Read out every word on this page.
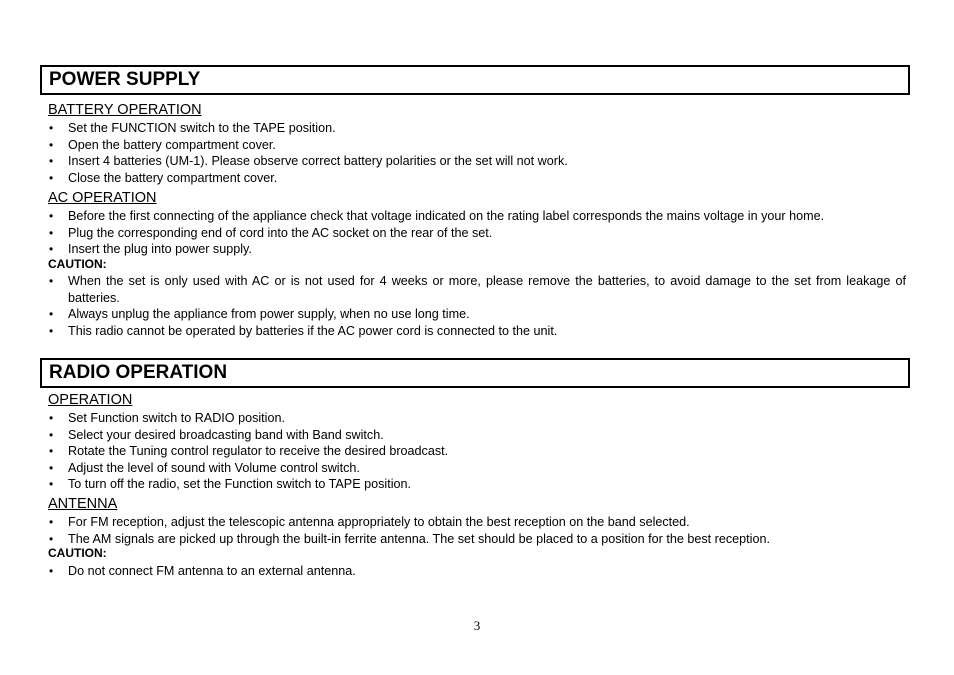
POWER SUPPLY
BATTERY OPERATION
• Set the FUNCTION switch to the TAPE position.
• Open the battery compartment cover.
• Insert 4 batteries (UM-1). Please observe correct battery polarities or the set will not work.
• Close the battery compartment cover.
AC OPERATION
• Before the first connecting of the appliance check that voltage indicated on the rating label corresponds the mains voltage in your home.
• Plug the corresponding end of cord into the AC socket on the rear of the set.
• Insert the plug into power supply.
CAUTION:
• When the set is only used with AC or is not used for 4 weeks or more, please remove the batteries, to avoid damage to the set from leakage of batteries.
• Always unplug the appliance from power supply, when no use long time.
• This radio cannot be operated by batteries if the AC power cord is connected to the unit.
RADIO OPERATION
OPERATION
• Set Function switch to RADIO position.
• Select your desired broadcasting band with Band switch.
• Rotate the Tuning control regulator to receive the desired broadcast.
• Adjust the level of sound with Volume control switch.
• To turn off the radio, set the Function switch to TAPE position.
ANTENNA
• For FM reception, adjust the telescopic antenna appropriately to obtain the best reception on the band selected.
• The AM signals are picked up through the built-in ferrite antenna. The set should be placed to a position for the best reception.
CAUTION:
• Do not connect FM antenna to an external antenna.
3
